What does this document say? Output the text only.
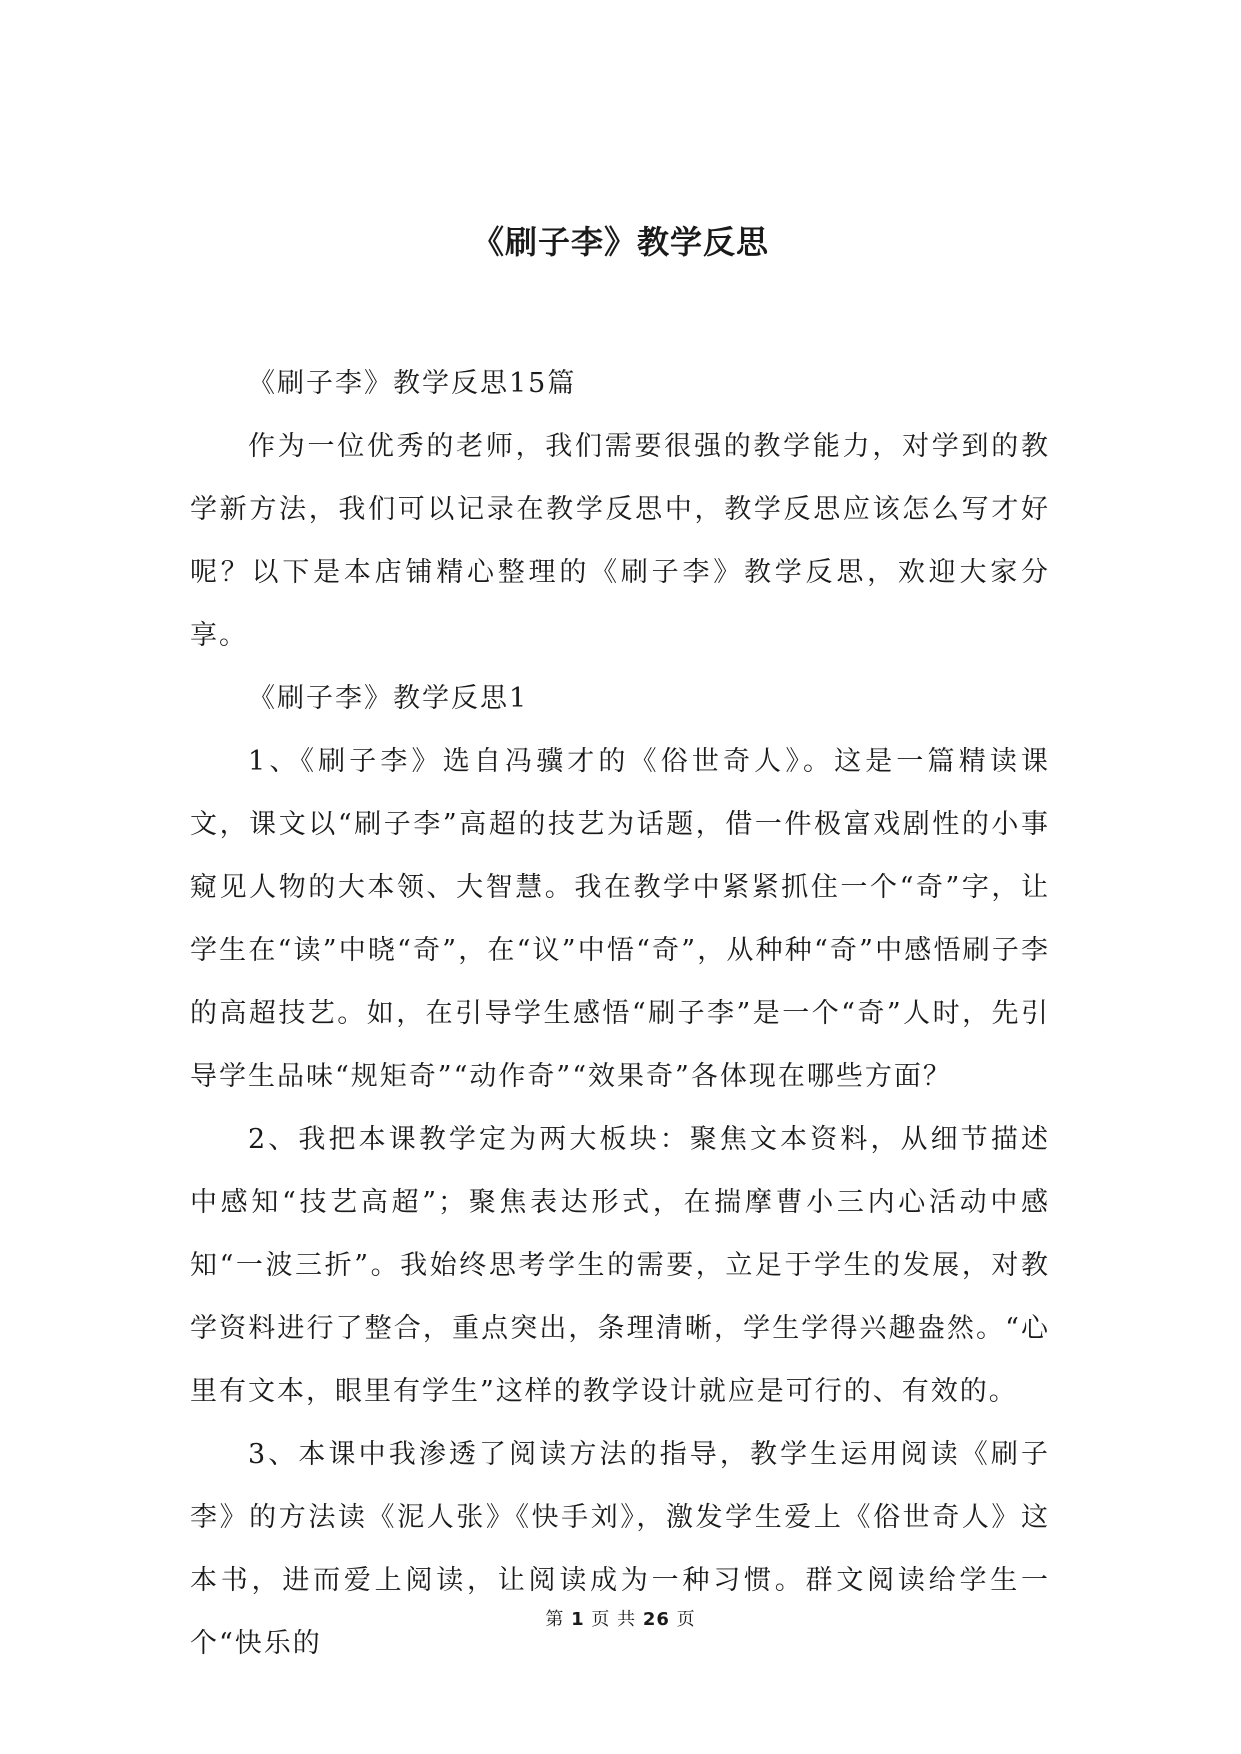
《刷子李》教学反思

《刷子李》教学反思15篇

作为一位优秀的老师，我们需要很强的教学能力，对学到的教学新方法，我们可以记录在教学反思中，教学反思应该怎么写才好呢？以下是本店铺精心整理的《刷子李》教学反思，欢迎大家分享。

《刷子李》教学反思1

1、《刷子李》选自冯骥才的《俗世奇人》。这是一篇精读课文，课文以“刷子李”高超的技艺为话题，借一件极富戏剧性的小事窥见人物的大本领、大智慧。我在教学中紧紧抓住一个“奇”字，让学生在“读”中晓“奇”，在“议”中悟“奇”，从种种“奇”中感悟刷子李的高超技艺。如，在引导学生感悟“刷子李”是一个“奇”人时，先引导学生品味“规矩奇”“动作奇”“效果奇”各体现在哪些方面？

2、我把本课教学定为两大板块：聚焦文本资料，从细节描述中感知“技艺高超”；聚焦表达形式，在揣摩曹小三内心活动中感知“一波三折”。我始终思考学生的需要，立足于学生的发展，对教学资料进行了整合，重点突出，条理清晰，学生学得兴趣盎然。“心里有文本，眼里有学生”这样的教学设计就应是可行的、有效的。

3、本课中我渗透了阅读方法的指导，教学生运用阅读《刷子李》的方法读《泥人张》《快手刘》，激发学生爱上《俗世奇人》这本书，进而爱上阅读，让阅读成为一种习惯。群文阅读给学生一个“快乐的

第 1 页 共 26 页
